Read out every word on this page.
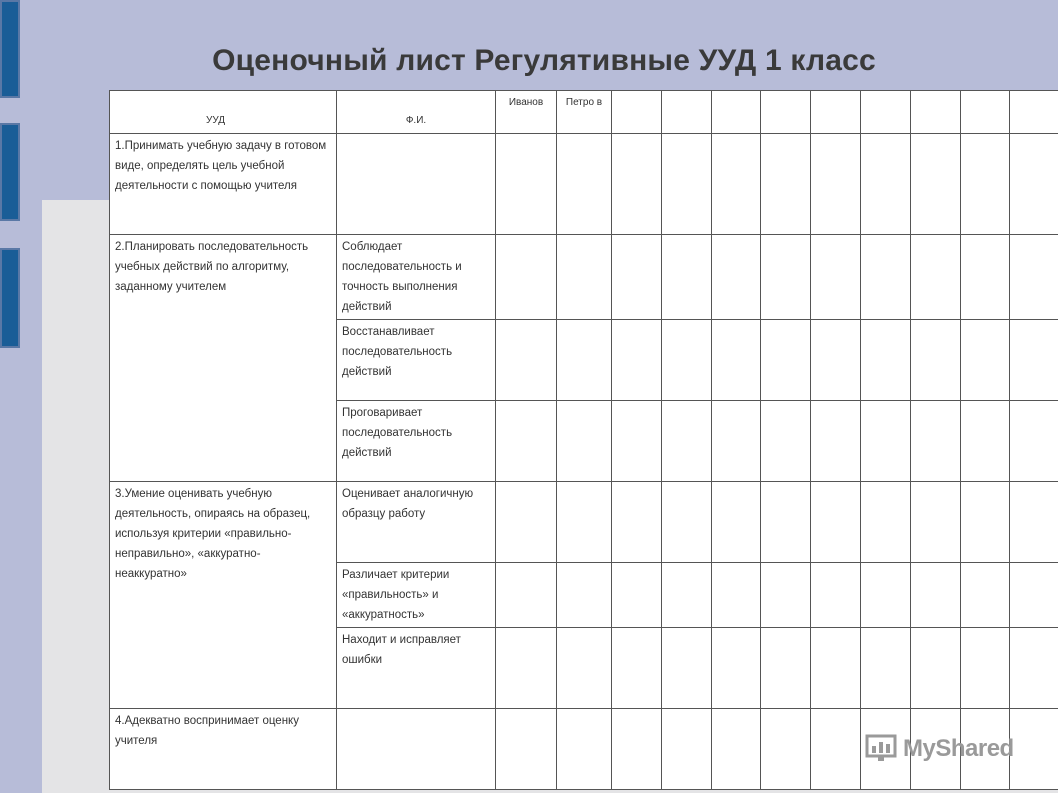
Оценочный лист Регулятивные УУД 1 класс
УУД	Ф.И.	Иванов	Петро в									
1.Принимать учебную задачу в готовом виде, определять цель учебной деятельности с помощью учителя												
2.Планировать последовательность учебных действий по алгоритму, заданному учителем	Соблюдает последовательность и точность выполнения действий											
	Восстанавливает последовательность действий											
	Проговаривает последовательность действий											
3.Умение оценивать учебную деятельность, опираясь на образец, используя критерии «правильно-неправильно», «аккуратно-неаккуратно»	Оценивает аналогичную образцу работу											
	Различает критерии «правильность» и «аккуратность»											
	Находит и исправляет ошибки											
4.Адекватно воспринимает оценку учителя													MyShared
